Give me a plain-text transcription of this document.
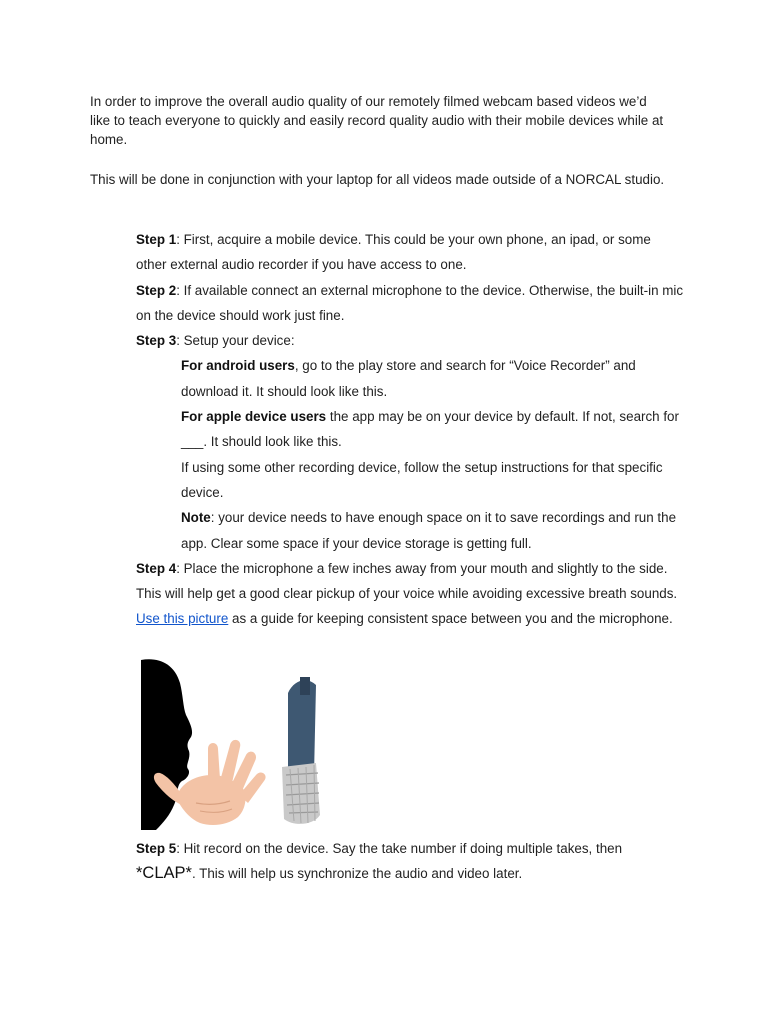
In order to improve the overall audio quality of our remotely filmed webcam based videos we’d like to teach everyone to quickly and easily record quality audio with their mobile devices while at home.

This will be done in conjunction with your laptop for all videos made outside of a NORCAL studio.

Step 1: First, acquire a mobile device. This could be your own phone, an ipad, or some other external audio recorder if you have access to one.

Step 2: If available connect an external microphone to the device. Otherwise, the built-in mic on the device should work just fine.

Step 3: Setup your device:

For android users, go to the play store and search for “Voice Recorder” and download it. It should look like this.

For apple device users the app may be on your device by default. If not, search for ___. It should look like this.

If using some other recording device, follow the setup instructions for that specific device.

Note: your device needs to have enough space on it to save recordings and run the app. Clear some space if your device storage is getting full.

Step 4: Place the microphone a few inches away from your mouth and slightly to the side. This will help get a good clear pickup of your voice while avoiding excessive breath sounds. Use this picture as a guide for keeping consistent space between you and the microphone.

Step 5: Hit record on the device. Say the take number if doing multiple takes, then

*CLAP*. This will help us synchronize the audio and video later.
